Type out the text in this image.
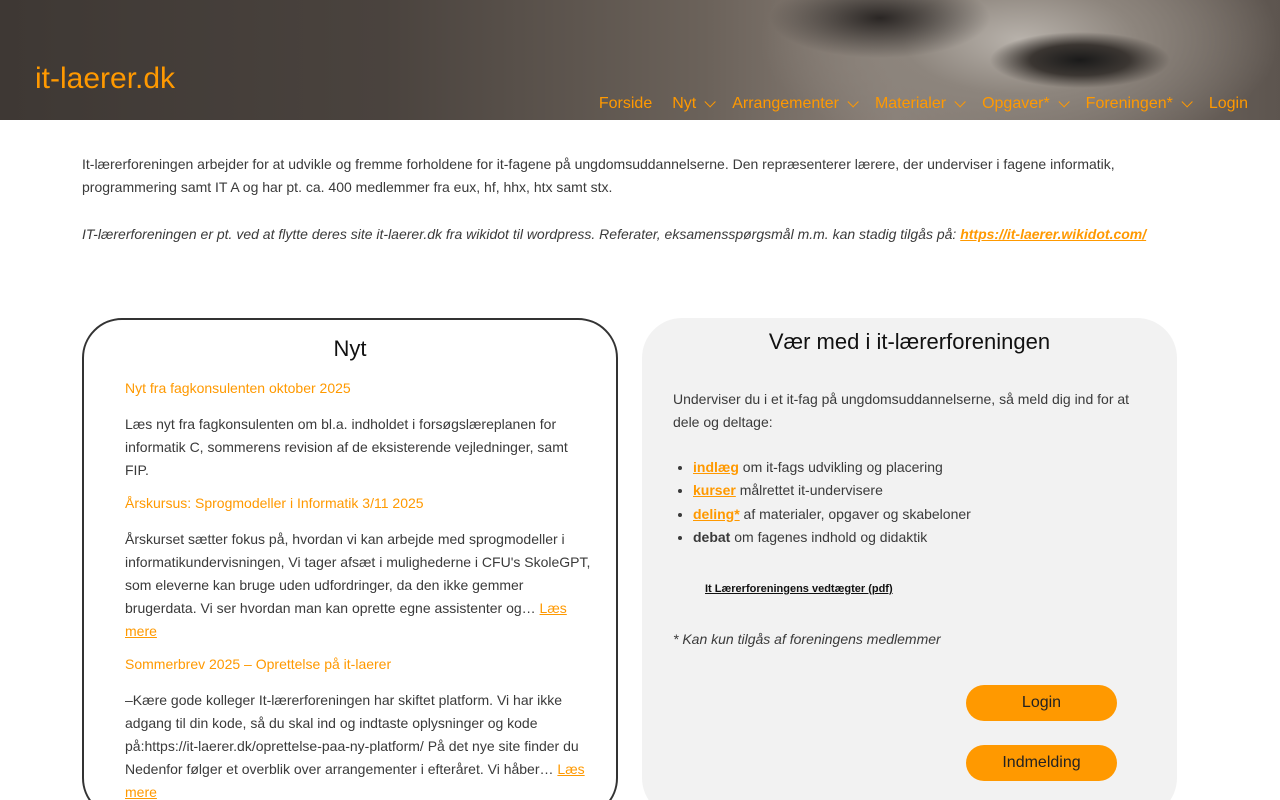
it-laerer.dk
Forside Nyt Arrangementer Materialer Opgaver* Foreningen* Login

It-lærerforeningen arbejder for at udvikle og fremme forholdene for it-fagene på ungdomsuddannelserne. Den repræsenterer lærere, der underviser i fagene informatik, programmering samt IT A og har pt. ca. 400 medlemmer fra eux, hf, hhx, htx samt stx.

IT-lærerforeningen er pt. ved at flytte deres site it-laerer.dk fra wikidot til wordpress. Referater, eksamensspørgsmål m.m. kan stadig tilgås på: https://it-laerer.wikidot.com/

Nyt
Nyt fra fagkonsulenten oktober 2025

Læs nyt fra fagkonsulenten om bl.a. indholdet i forsøgslæreplanen for informatik C, sommerens revision af de eksisterende vejledninger, samt FIP.

Årskursus: Sprogmodeller i Informatik 3/11 2025

Årskurset sætter fokus på, hvordan vi kan arbejde med sprogmodeller i informatikundervisningen, Vi tager afsæt i mulighederne i CFU's SkoleGPT, som eleverne kan bruge uden udfordringer, da den ikke gemmer brugerdata. Vi ser hvordan man kan oprette egne assistenter og… Læs mere

Sommerbrev 2025 – Oprettelse på it-laerer

–Kære gode kolleger It-lærerforeningen har skiftet platform. Vi har ikke adgang til din kode, så du skal ind og indtaste oplysninger og kode på:https://it-laerer.dk/oprettelse-paa-ny-platform/ På det nye site finder du Nedenfor følger et overblik over arrangementer i efteråret. Vi håber… Læs mere

Vær med i it-lærerforeningen

Underviser du i et it-fag på ungdomsuddannelserne, så meld dig ind for at dele og deltage:

• indlæg om it-fags udvikling og placering
• kurser målrettet it-undervisere
• deling* af materialer, opgaver og skabeloner
• debat om fagenes indhold og didaktik
It Lærerforeningens vedtægter (pdf)

* Kan kun tilgås af foreningens medlemmer

Login
Indmelding
